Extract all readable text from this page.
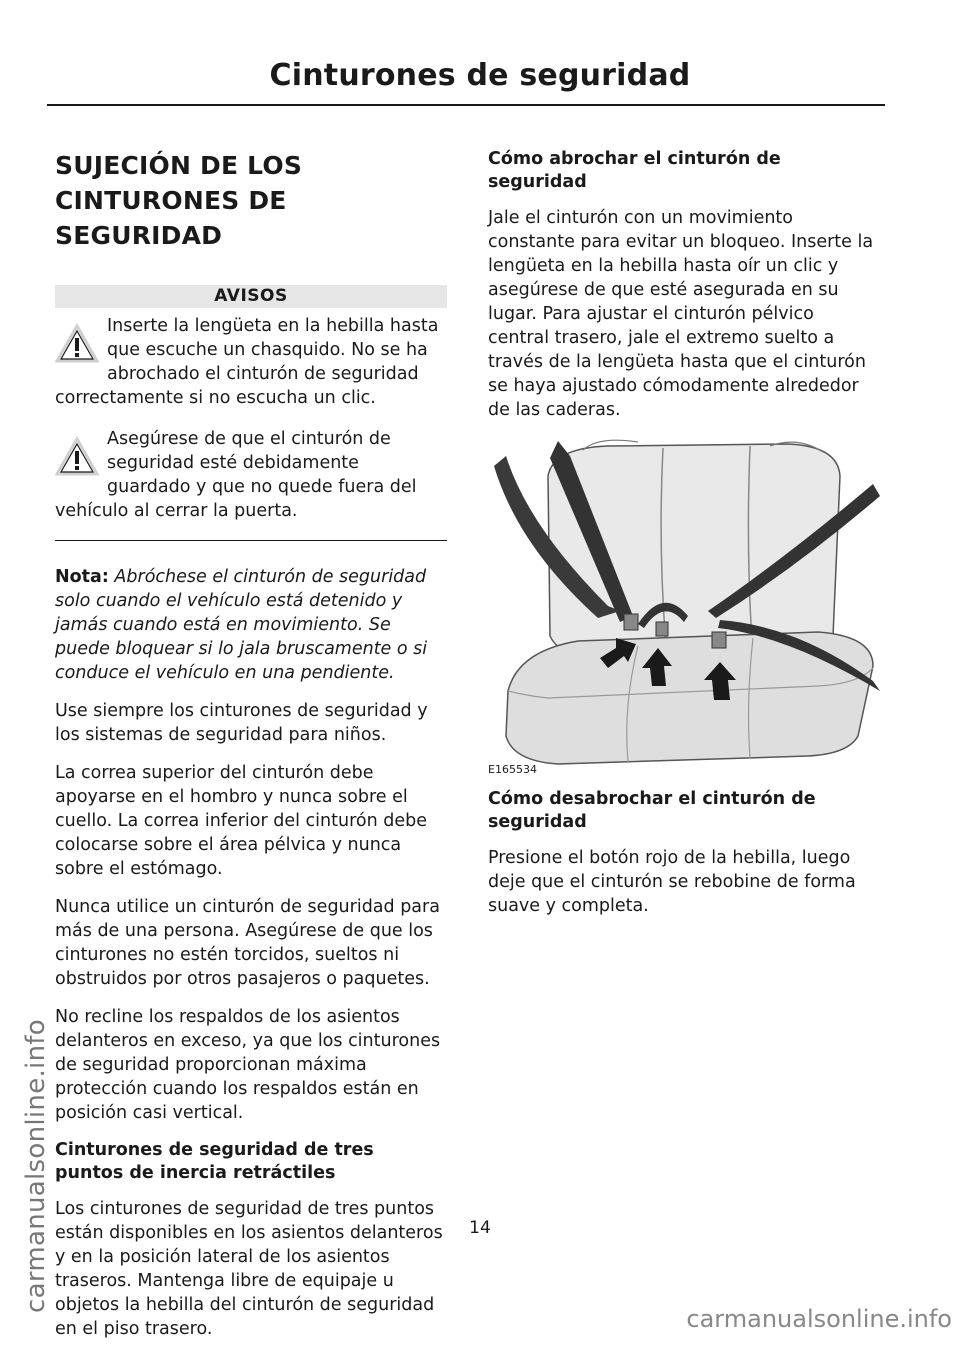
Cinturones de seguridad
SUJECIÓN DE LOS CINTURONES DE SEGURIDAD
AVISOS
Inserte la lengüeta en la hebilla hasta que escuche un chasquido. No se ha abrochado el cinturón de seguridad correctamente si no escucha un clic.
Asegúrese de que el cinturón de seguridad esté debidamente guardado y que no quede fuera del vehículo al cerrar la puerta.

Nota: Abróchese el cinturón de seguridad solo cuando el vehículo está detenido y jamás cuando está en movimiento. Se puede bloquear si lo jala bruscamente o si conduce el vehículo en una pendiente.

Use siempre los cinturones de seguridad y los sistemas de seguridad para niños.

La correa superior del cinturón debe apoyarse en el hombro y nunca sobre el cuello. La correa inferior del cinturón debe colocarse sobre el área pélvica y nunca sobre el estómago.

Nunca utilice un cinturón de seguridad para más de una persona. Asegúrese de que los cinturones no estén torcidos, sueltos ni obstruidos por otros pasajeros o paquetes.

No recline los respaldos de los asientos delanteros en exceso, ya que los cinturones de seguridad proporcionan máxima protección cuando los respaldos están en posición casi vertical.

Cinturones de seguridad de tres puntos de inercia retráctiles

Los cinturones de seguridad de tres puntos están disponibles en los asientos delanteros y en la posición lateral de los asientos traseros. Mantenga libre de equipaje u objetos la hebilla del cinturón de seguridad en el piso trasero.

Cómo abrochar el cinturón de seguridad

Jale el cinturón con un movimiento constante para evitar un bloqueo. Inserte la lengüeta en la hebilla hasta oír un clic y asegúrese de que esté asegurada en su lugar. Para ajustar el cinturón pélvico central trasero, jale el extremo suelto a través de la lengüeta hasta que el cinturón se haya ajustado cómodamente alrededor de las caderas.

E165534
Cómo desabrochar el cinturón de seguridad

Presione el botón rojo de la hebilla, luego deje que el cinturón se rebobine de forma suave y completa.

14
carmanualsonline.info
carmanualsonline.info
